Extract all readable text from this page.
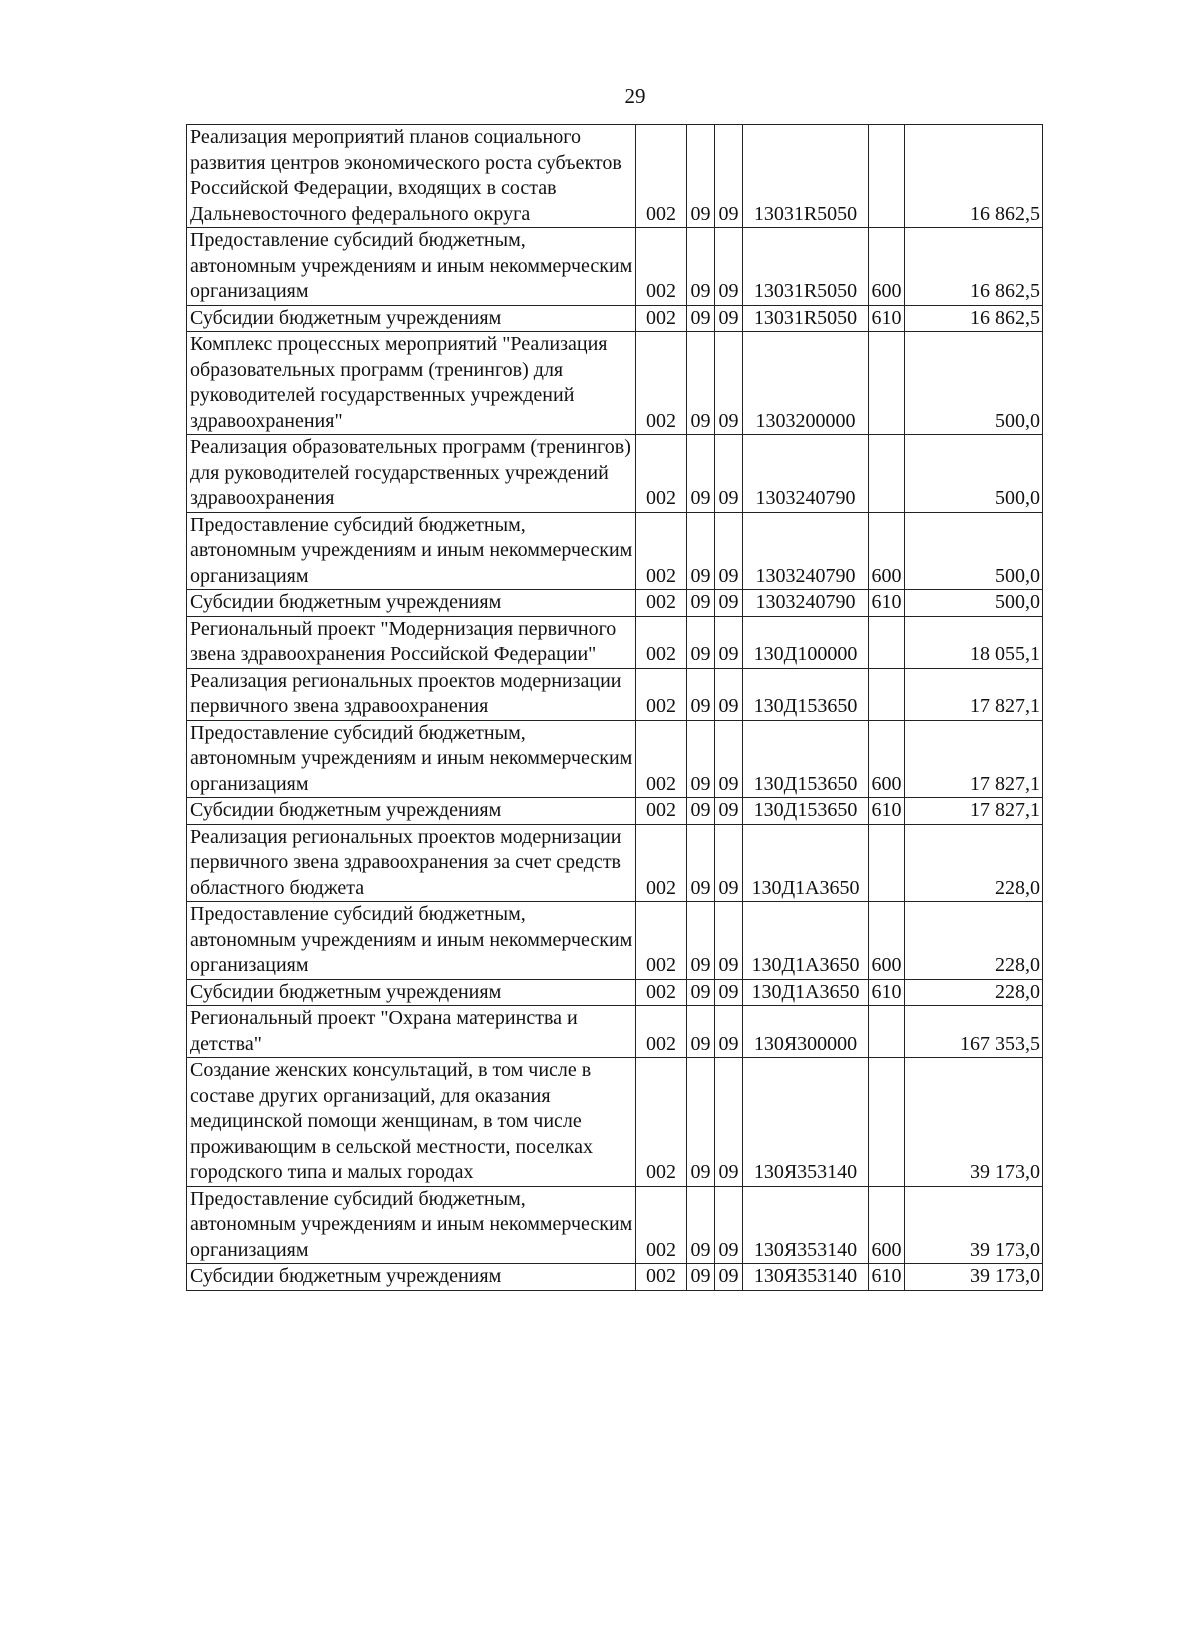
29
Реализация мероприятий планов социального развития центров экономического роста субъектов Российской Федерации, входящих в состав Дальневосточного федерального округа	002	09	09	13031R5050		16 862,5
Предоставление субсидий бюджетным, автономным учреждениям и иным некоммерческим организациям	002	09	09	13031R5050	600	16 862,5
Субсидии бюджетным учреждениям	002	09	09	13031R5050	610	16 862,5
Комплекс процессных мероприятий "Реализация образовательных программ (тренингов) для руководителей государственных учреждений здравоохранения"	002	09	09	1303200000		500,0
Реализация образовательных программ (тренингов) для руководителей государственных учреждений здравоохранения	002	09	09	1303240790		500,0
Предоставление субсидий бюджетным, автономным учреждениям и иным некоммерческим организациям	002	09	09	1303240790	600	500,0
Субсидии бюджетным учреждениям	002	09	09	1303240790	610	500,0
Региональный проект "Модернизация первичного звена здравоохранения Российской Федерации"	002	09	09	130Д100000		18 055,1
Реализация региональных проектов модернизации первичного звена здравоохранения	002	09	09	130Д153650		17 827,1
Предоставление субсидий бюджетным, автономным учреждениям и иным некоммерческим организациям	002	09	09	130Д153650	600	17 827,1
Субсидии бюджетным учреждениям	002	09	09	130Д153650	610	17 827,1
Реализация региональных проектов модернизации первичного звена здравоохранения за счет средств областного бюджета	002	09	09	130Д1А3650		228,0
Предоставление субсидий бюджетным, автономным учреждениям и иным некоммерческим организациям	002	09	09	130Д1А3650	600	228,0
Субсидии бюджетным учреждениям	002	09	09	130Д1А3650	610	228,0
Региональный проект "Охрана материнства и детства"	002	09	09	130Я300000		167 353,5
Создание женских консультаций, в том числе в составе других организаций, для оказания медицинской помощи женщинам, в том числе проживающим в сельской местности, поселках городского типа и малых городах	002	09	09	130Я353140		39 173,0
Предоставление субсидий бюджетным, автономным учреждениям и иным некоммерческим организациям	002	09	09	130Я353140	600	39 173,0
Субсидии бюджетным учреждениям	002	09	09	130Я353140	610	39 173,0
